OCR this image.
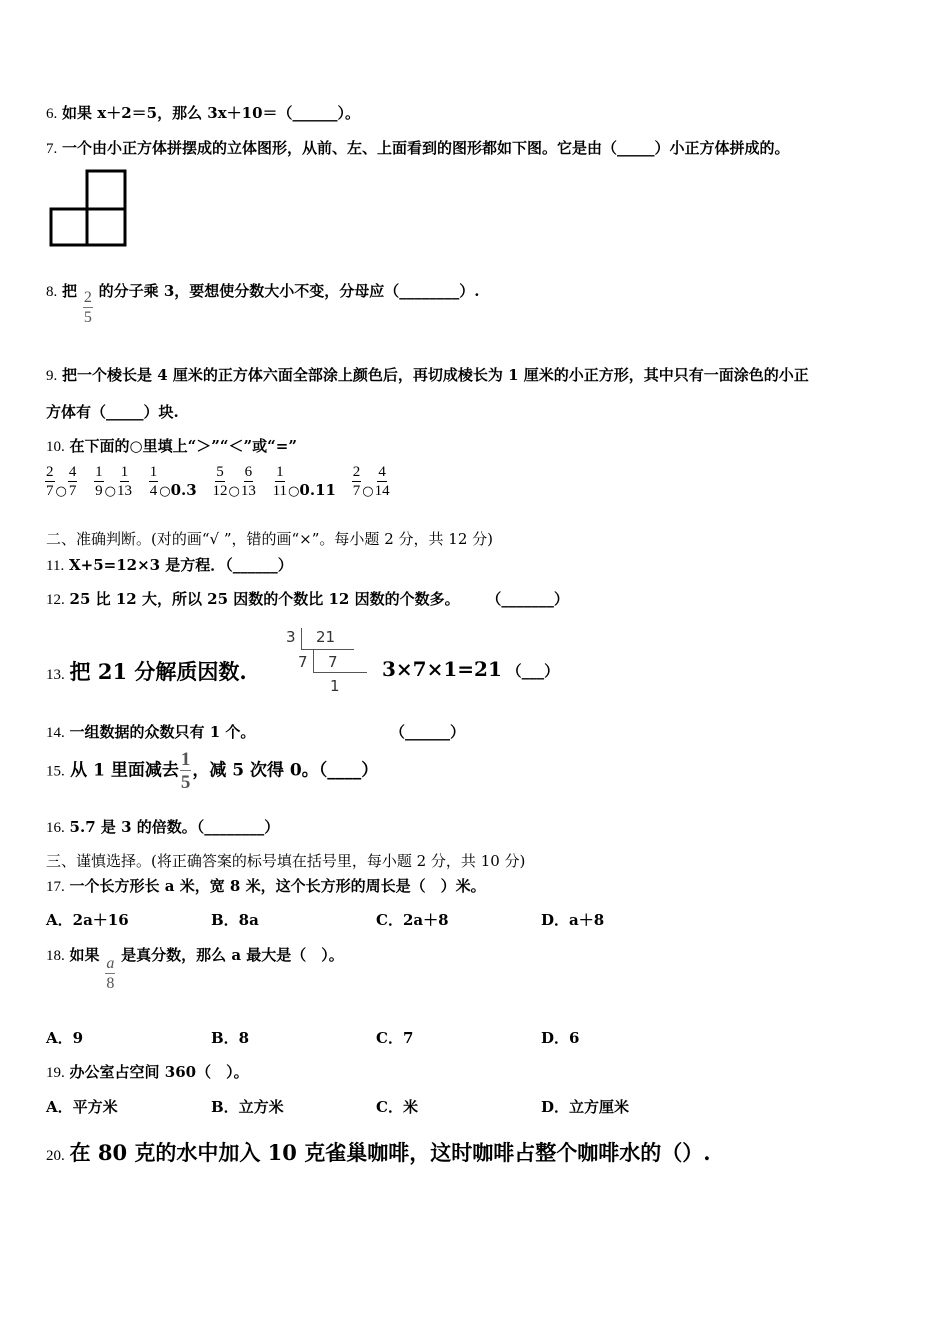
6. 如果 x＋2＝5，那么 3x＋10＝（______）。
7. 一个由小正方体拼摆成的立体图形，从前、左、上面看到的图形都如下图。它是由（_____）小正方体拼成的。
8. 把 $\frac{2}{5}$ 的分子乘 3，要想使分数大小不变，分母应（________）.
9. 把一个棱长是 4 厘米的正方体六面全部涂上颜色后，再切成棱长为 1 厘米的小正方形，其中只有一面涂色的小正
方体有（_____）块.
10. 在下面的○里填上“＞”“＜”或“=”
$\frac{2}{7}$ ○ $\frac{4}{7}$
$\frac{1}{9}$ ○ $\frac{1}{13}$
$\frac{1}{4}$ ○ 0.3
$\frac{5}{12}$ ○ $\frac{6}{13}$
$\frac{1}{11}$ ○ 0.11
$\frac{2}{7}$ ○ $\frac{4}{14}$
二、准确判断。(对的画“√ ”，错的画“×”。每小题 2 分，共 12 分)
11. X+5=12×3 是方程．（______）
12. 25 比 12 大，所以 25 因数的个数比 12 因数的个数多。 （_______）
13. 把 21 分解质因数.
3 21
7 7
1
3×7×1=21 （___）
14. 一组数据的众数只有 1 个。	（______）
15. 从 1 里面减去 $\frac{1}{5}$ ，减 5 次得 0。（____）
16. 5.7 是 3 的倍数。（________）
三、谨慎选择。(将正确答案的标号填在括号里，每小题 2 分，共 10 分)
17. 一个长方形长 a 米，宽 8 米，这个长方形的周长是（　）米。
A．2a＋16	B．8a	C．2a＋8	D．a＋8
18. 如果
$\frac{a}{8}$
是真分数，那么 a 最大是（　）。
A．9	B．8	C．7	D．6
19. 办公室占空间 360（　）。
A．平方米	B．立方米	C．米	D．立方厘米
20. 在 80 克的水中加入 10 克雀巢咖啡，这时咖啡占整个咖啡水的（）.
